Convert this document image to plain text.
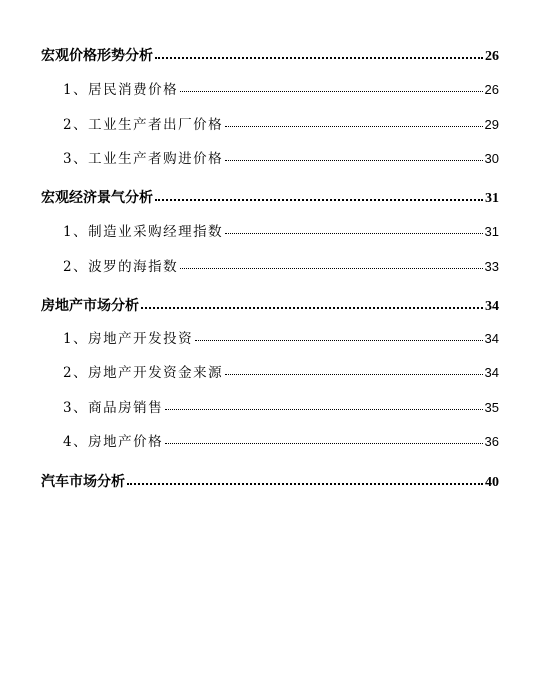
宏观价格形势分析	26
1、居民消费价格	26
2、工业生产者出厂价格	29
3、工业生产者购进价格	30
宏观经济景气分析	31
1、制造业采购经理指数	31
2、波罗的海指数	33
房地产市场分析	34
1、房地产开发投资	34
2、房地产开发资金来源	34
3、商品房销售	35
4、房地产价格	36
汽车市场分析	40
